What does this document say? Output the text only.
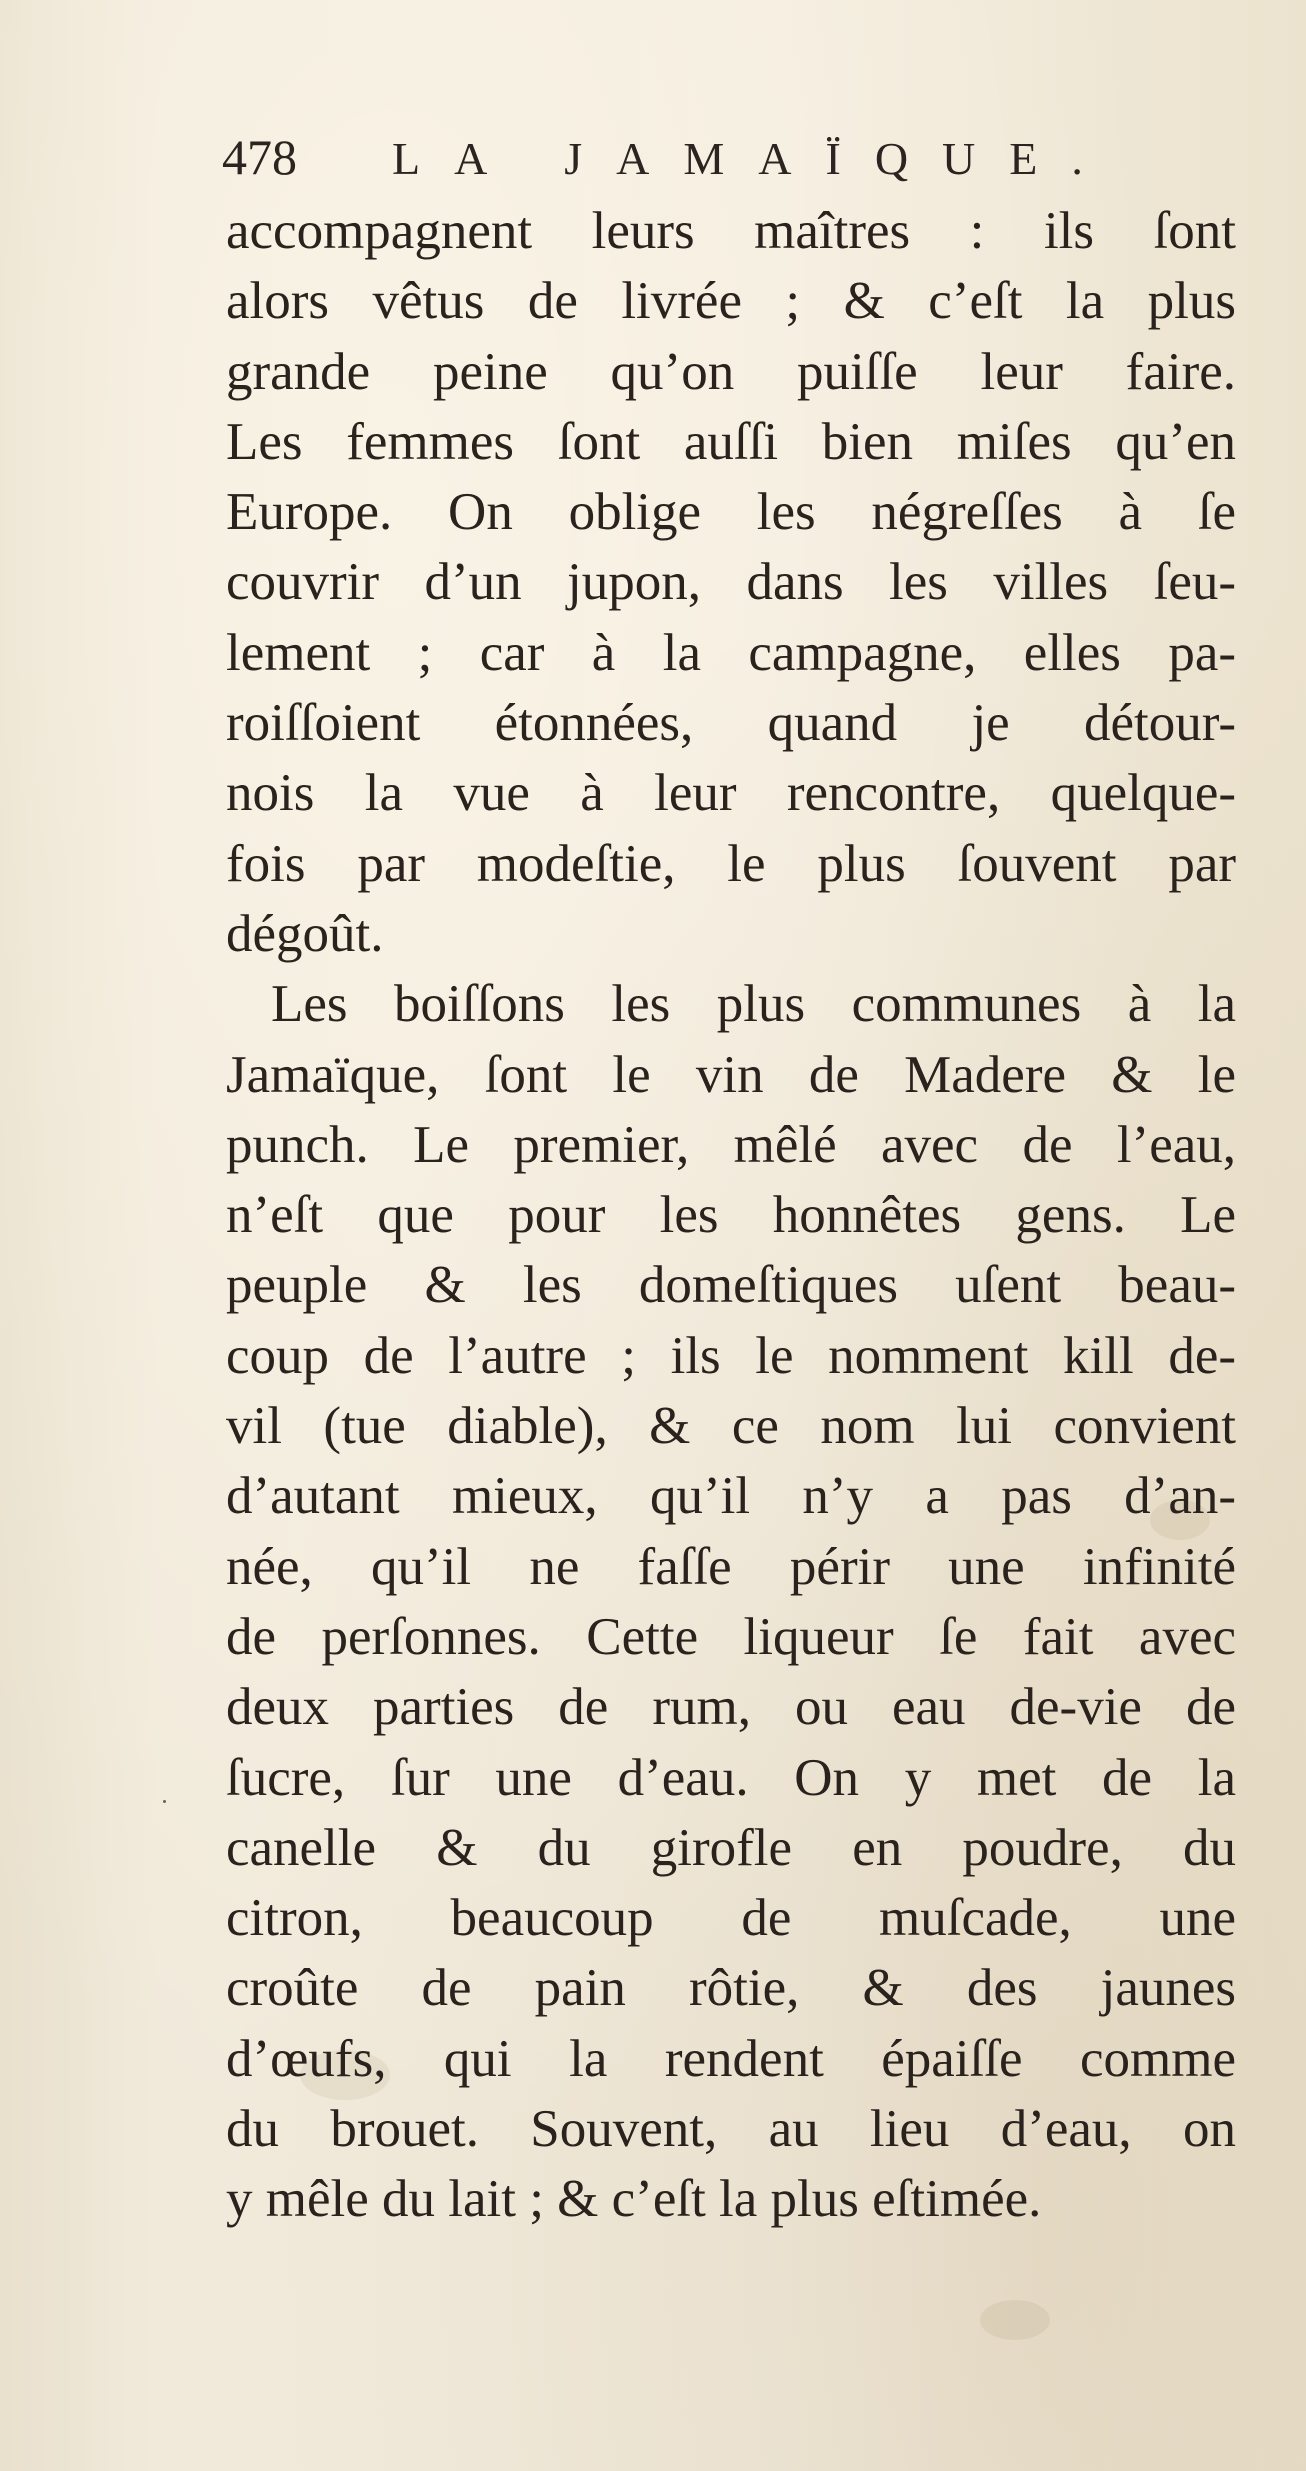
478 LA JAMAÏQUE.
accompagnent leurs maîtres : ils ſont
alors vêtus de livrée ; & c’eſt la plus
grande peine qu’on puiſſe leur faire.
Les femmes ſont auſſi bien miſes qu’en
Europe. On oblige les négreſſes à ſe
couvrir d’un jupon, dans les villes ſeu-
lement ; car à la campagne, elles pa-
roiſſoient étonnées, quand je détour-
nois la vue à leur rencontre, quelque-
fois par modeſtie, le plus ſouvent par
dégoût.
Les boiſſons les plus communes à la
Jamaïque, ſont le vin de Madere & le
punch. Le premier, mêlé avec de l’eau,
n’eſt que pour les honnêtes gens. Le
peuple & les domeſtiques uſent beau-
coup de l’autre ; ils le nomment kill de-
vil (tue diable), & ce nom lui convient
d’autant mieux, qu’il n’y a pas d’an-
née, qu’il ne faſſe périr une infinité
de perſonnes. Cette liqueur ſe fait avec
deux parties de rum, ou eau de-vie de
ſucre, ſur une d’eau. On y met de la
canelle & du girofle en poudre, du
citron, beaucoup de muſcade, une
croûte de pain rôtie, & des jaunes
d’œufs, qui la rendent épaiſſe comme
du brouet. Souvent, au lieu d’eau, on
y mêle du lait ; & c’eſt la plus eſtimée.
